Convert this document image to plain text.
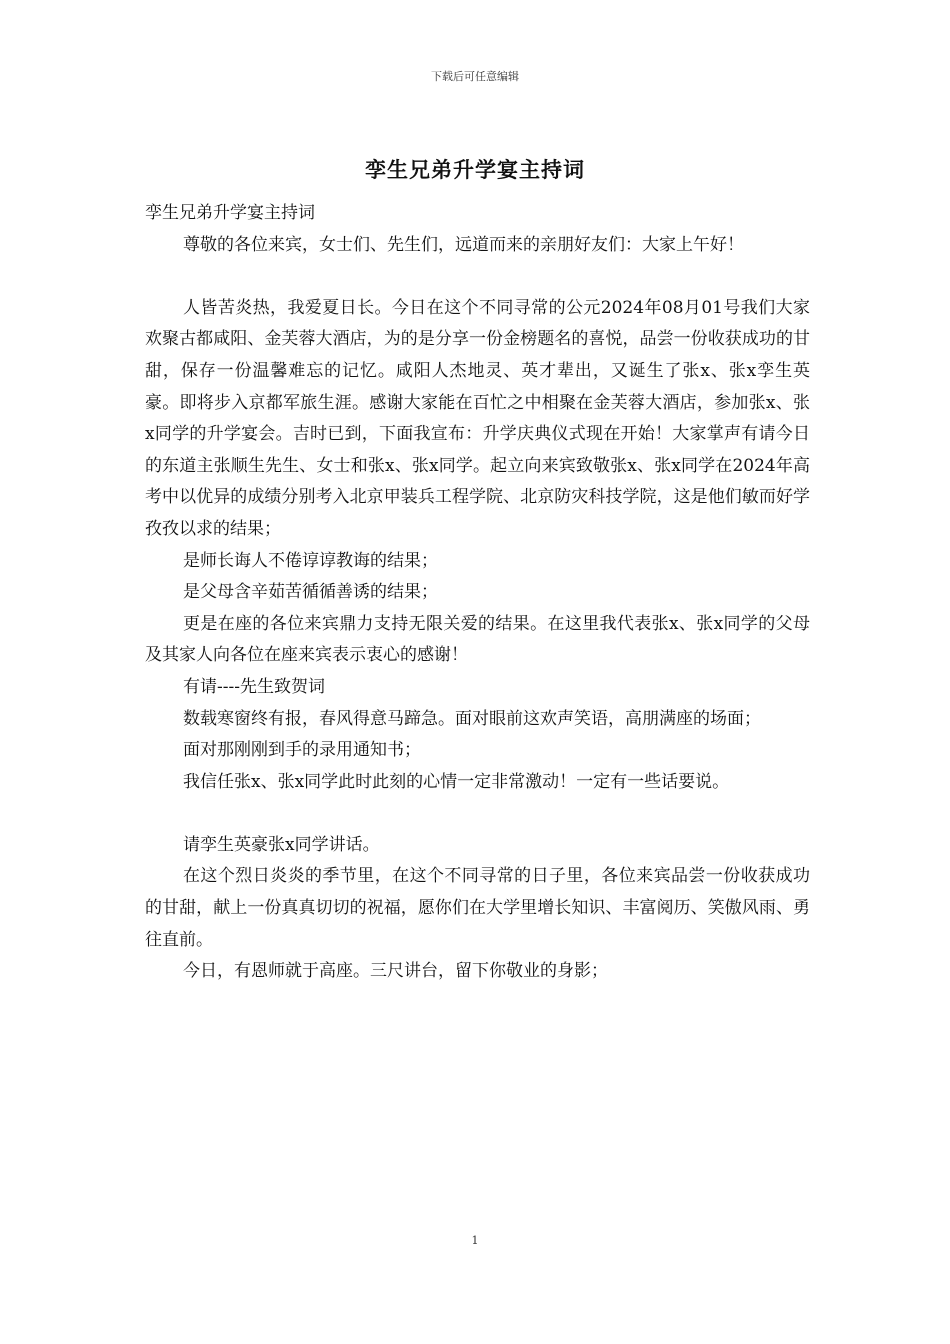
下载后可任意编辑
孪生兄弟升学宴主持词

孪生兄弟升学宴主持词

尊敬的各位来宾，女士们、先生们，远道而来的亲朋好友们：大家上午好！

人皆苦炎热，我爱夏日长。今日在这个不同寻常的公元2024年08月01号我们大家欢聚古都咸阳、金芙蓉大酒店，为的是分享一份金榜题名的喜悦，品尝一份收获成功的甘甜，保存一份温馨难忘的记忆。咸阳人杰地灵、英才辈出，又诞生了张x、张x孪生英豪。即将步入京都军旅生涯。感谢大家能在百忙之中相聚在金芙蓉大酒店，参加张x、张x同学的升学宴会。吉时已到，下面我宣布：升学庆典仪式现在开始！大家掌声有请今日的东道主张顺生先生、女士和张x、张x同学。起立向来宾致敬张x、张x同学在2024年高考中以优异的成绩分别考入北京甲装兵工程学院、北京防灾科技学院，这是他们敏而好学孜孜以求的结果；

是师长诲人不倦谆谆教诲的结果；

是父母含辛茹苦循循善诱的结果；

更是在座的各位来宾鼎力支持无限关爱的结果。在这里我代表张x、张x同学的父母及其家人向各位在座来宾表示衷心的感谢！

有请----先生致贺词

数载寒窗终有报，春风得意马蹄急。面对眼前这欢声笑语，高朋满座的场面；

面对那刚刚到手的录用通知书；

我信任张x、张x同学此时此刻的心情一定非常激动！一定有一些话要说。

请孪生英豪张x同学讲话。

在这个烈日炎炎的季节里，在这个不同寻常的日子里，各位来宾品尝一份收获成功的甘甜，献上一份真真切切的祝福，愿你们在大学里增长知识、丰富阅历、笑傲风雨、勇往直前。

今日，有恩师就于高座。三尺讲台，留下你敬业的身影；

1
